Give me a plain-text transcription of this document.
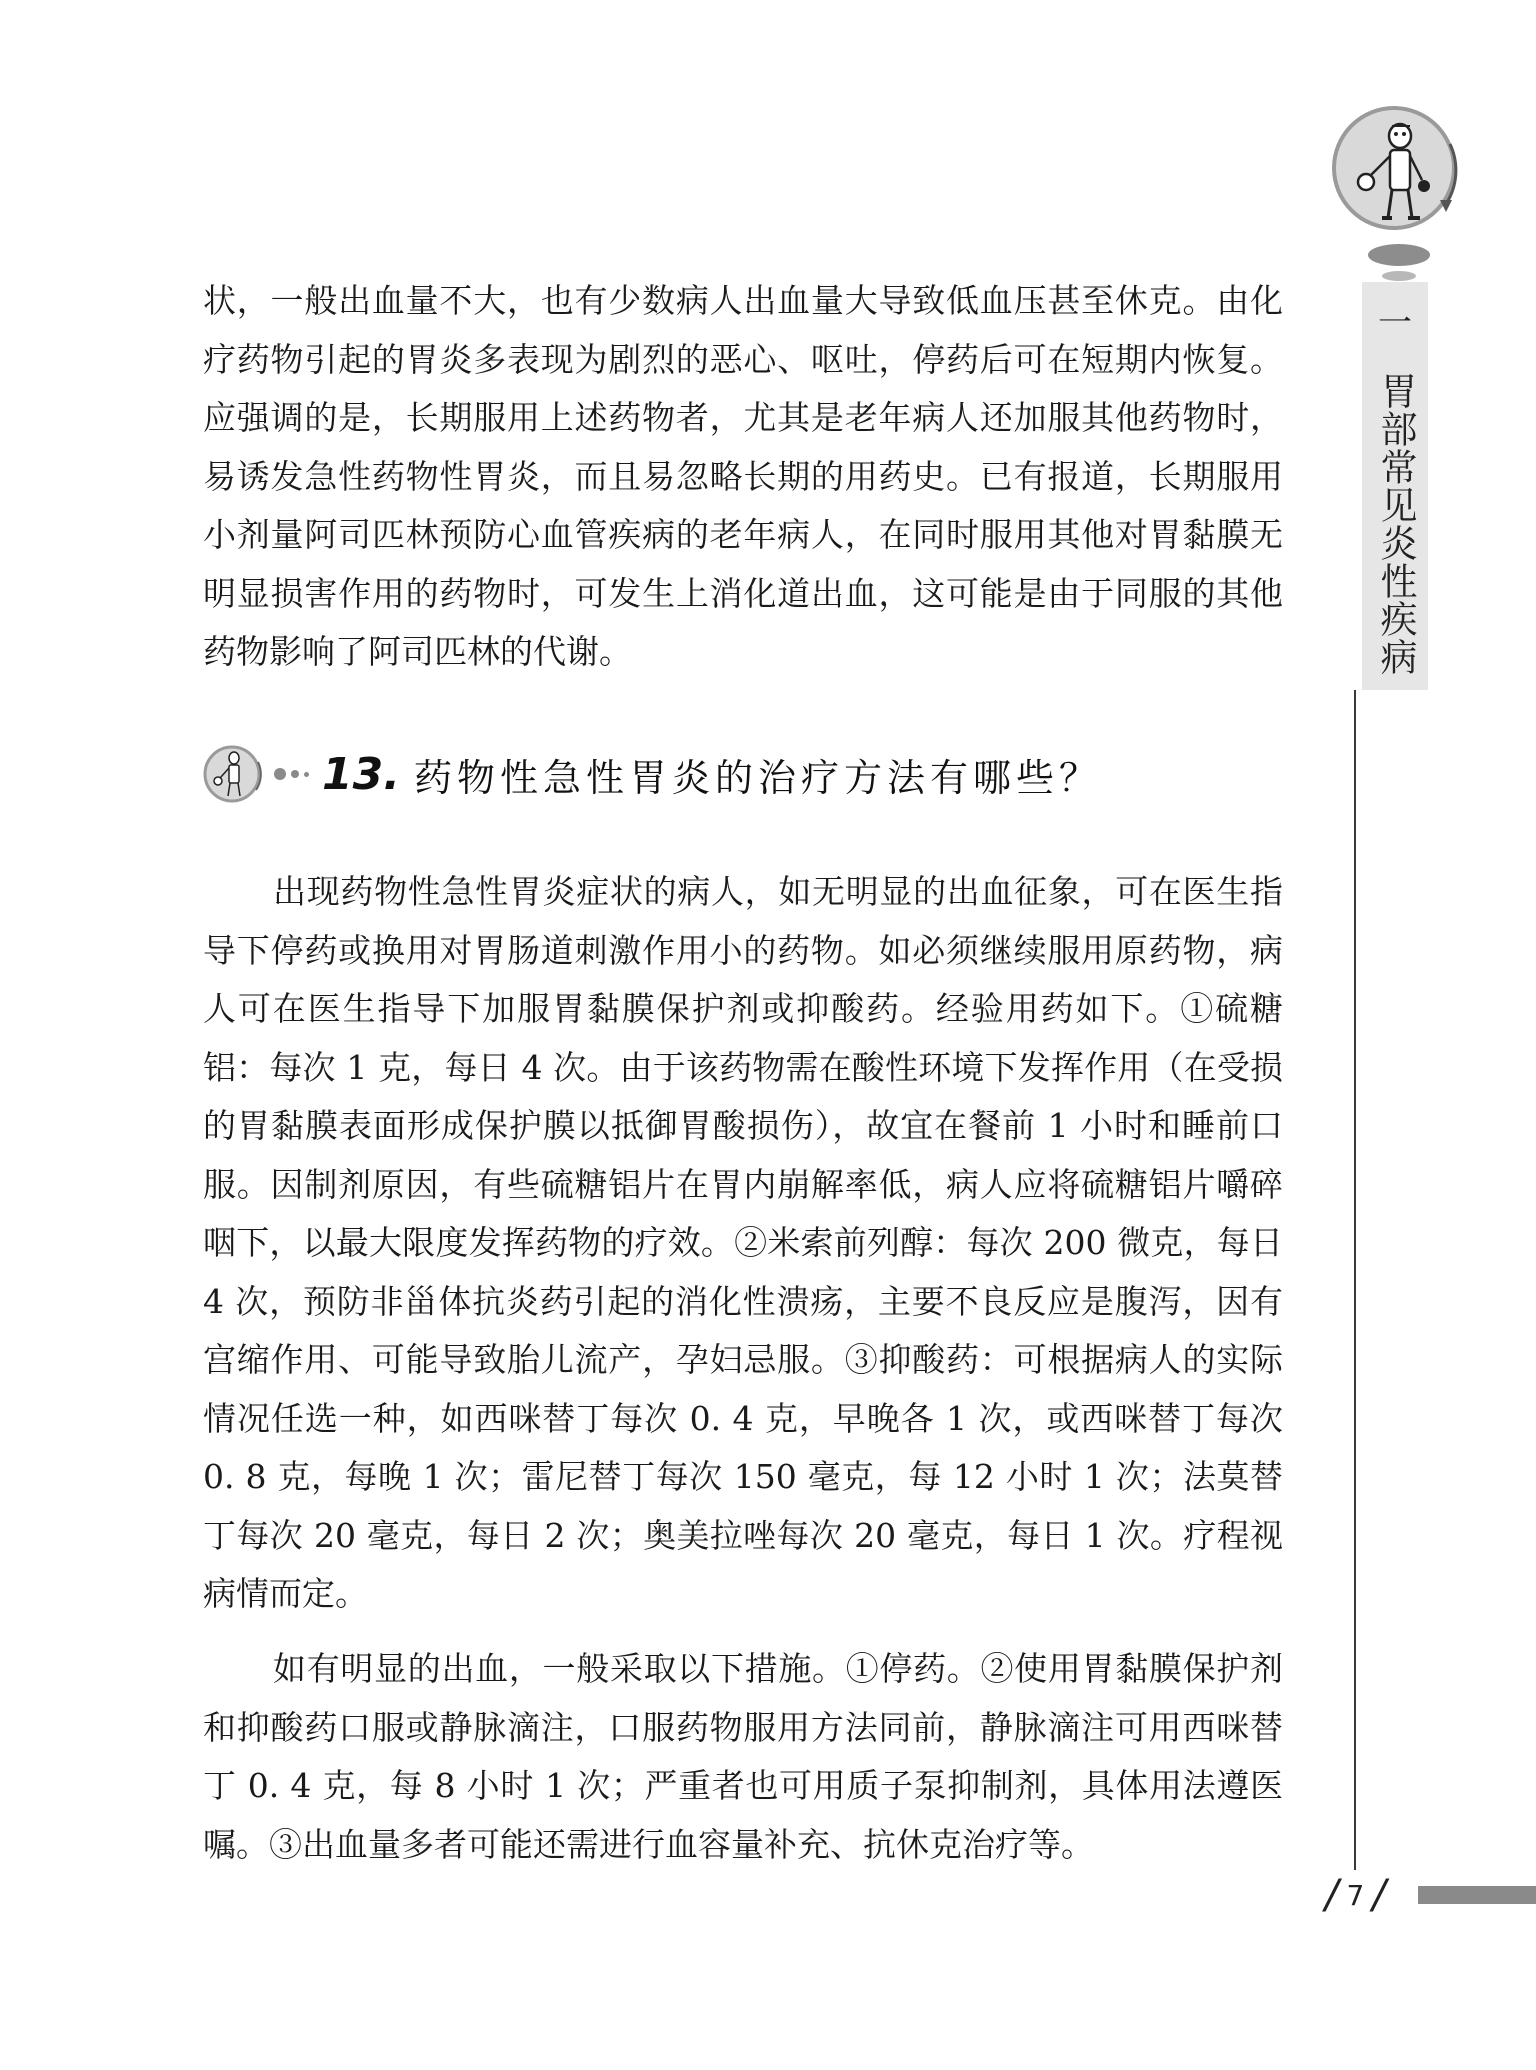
一
胃部常见炎性疾病

状，一般出血量不大，也有少数病人出血量大导致低血压甚至休克。由化疗药物引起的胃炎多表现为剧烈的恶心、呕吐，停药后可在短期内恢复。应强调的是，长期服用上述药物者，尤其是老年病人还加服其他药物时，易诱发急性药物性胃炎，而且易忽略长期的用药史。已有报道，长期服用小剂量阿司匹林预防心血管疾病的老年病人，在同时服用其他对胃黏膜无明显损害作用的药物时，可发生上消化道出血，这可能是由于同服的其他药物影响了阿司匹林的代谢。

13. 药物性急性胃炎的治疗方法有哪些？

出现药物性急性胃炎症状的病人，如无明显的出血征象，可在医生指导下停药或换用对胃肠道刺激作用小的药物。如必须继续服用原药物，病人可在医生指导下加服胃黏膜保护剂或抑酸药。经验用药如下。①硫糖铝：每次 1 克，每日 4 次。由于该药物需在酸性环境下发挥作用（在受损的胃黏膜表面形成保护膜以抵御胃酸损伤），故宜在餐前 1 小时和睡前口服。因制剂原因，有些硫糖铝片在胃内崩解率低，病人应将硫糖铝片嚼碎咽下，以最大限度发挥药物的疗效。②米索前列醇：每次 200 微克，每日 4 次，预防非甾体抗炎药引起的消化性溃疡，主要不良反应是腹泻，因有宫缩作用、可能导致胎儿流产，孕妇忌服。③抑酸药：可根据病人的实际情况任选一种，如西咪替丁每次 0. 4 克，早晚各 1 次，或西咪替丁每次 0. 8 克，每晚 1 次；雷尼替丁每次 150 毫克，每 12 小时 1 次；法莫替丁每次 20 毫克，每日 2 次；奥美拉唑每次 20 毫克，每日 1 次。疗程视病情而定。

如有明显的出血，一般采取以下措施。①停药。②使用胃黏膜保护剂和抑酸药口服或静脉滴注，口服药物服用方法同前，静脉滴注可用西咪替丁 0. 4 克，每 8 小时 1 次；严重者也可用质子泵抑制剂，具体用法遵医嘱。③出血量多者可能还需进行血容量补充、抗休克治疗等。

/ 7 /
